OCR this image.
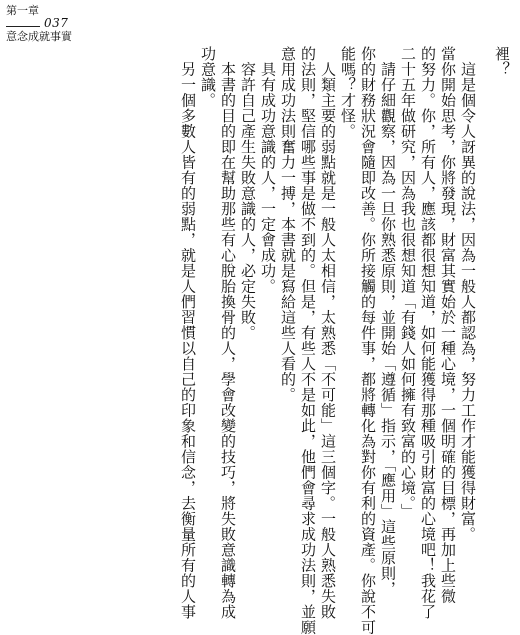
第一章
037
意念成就事實

裡？

　這是個令人訝異的說法，因為一般人都認為，努力工作才能獲得財富。

當你開始思考，你將發現，財富其實始於一種心境，一個明確的目標，再加上些微

的努力。你，所有人，應該都很想知道，如何能獲得那種吸引財富的心境吧！我花了

二十五年做研究，因為我也很想知道「有錢人如何擁有致富的心境。」

　請仔細觀察，因為一旦你熟悉原則，並開始「遵循」指示，「應用」這些原則，

你的財務狀況會隨即改善。你所接觸的每件事，都將轉化為對你有利的資產。你說不可

能嗎？才怪。

　人類主要的弱點就是一般人太相信，太熟悉「不可能」這三個字。一般人熟悉失敗

的法則，堅信哪些事是做不到的。但是，有些人不是如此，他們會尋求成功法則，並願

意用成功法則奮力一搏，本書就是寫給這些人看的。

　具有成功意識的人，一定會成功。

　容許自己產生失敗意識的人，必定失敗。

　本書的目的即在幫助那些有心脫胎換骨的人，學會改變的技巧，將失敗意識轉為成

功意識。

　另一個多數人皆有的弱點，就是人們習慣以自己的印象和信念，去衡量所有的人事
